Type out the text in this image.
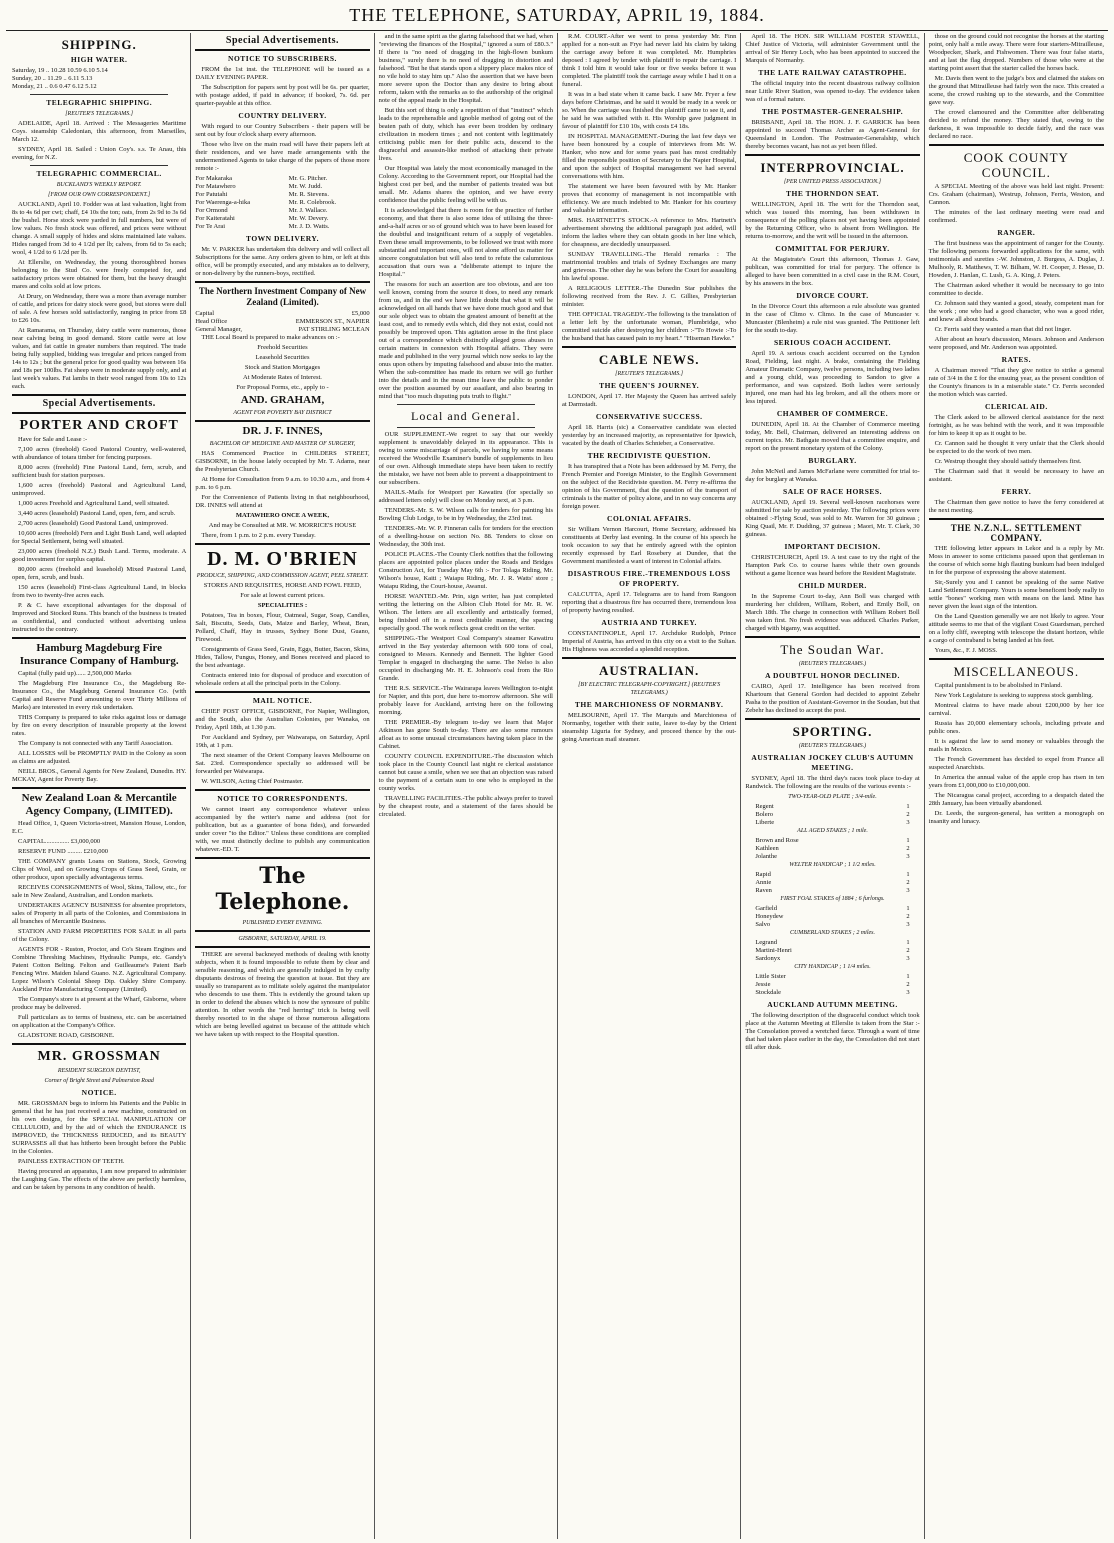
THE TELEPHONE, SATURDAY, APRIL 19, 1884.
SHIPPING.
HIGH WATER.
Saturday, 19 .. 10.28 10.59 6.10 5.14
Sunday, 20 .. 11.29 .. 6.11 5.13
Monday, 21 .. 0.6 0.47 6.12 5.12
TELEGRAPHIC SHIPPING.
[REUTER'S TELEGRAMS.]

ADELAIDE, April 18. Arrived : The Messageries Maritime Coys. steamship Caledonian, this afternoon, from Marseilles, March 12.

SYDNEY, April 18. Sailed : Union Coy's. s.s. Te Anau, this evening, for N.Z.

TELEGRAPHIC COMMERCIAL.
BUCKLAND'S WEEKLY REPORT.
[FROM OUR OWN CORRESPONDENT.]

AUCKLAND, April 10. Fodder was at last valuation, light from 8s to 4s 6d per cwt; chaff, £4 10s the ton; oats, from 2s 9d to 3s 6d the bushel. Horse stock were yarded in full numbers, but were of low values. No fresh stock was offered, and prices were without change. A small supply of hides and skins maintained late values. Hides ranged from 3d to 4 1/2d per lb; calves, from 6d to 5s each; wool, 4 1/2d to 6 1/2d per lb.

At Ellerslie, on Wednesday, the young thoroughbred horses belonging to the Stud Co. were freely competed for, and satisfactory prices were obtained for them, but the heavy draught mares and colts sold at low prices.

At Drury, on Wednesday, there was a more than average number of cattle, and prices for dairy stock were good, but stores were dull of sale. A few horses sold satisfactorily, ranging in price from £8 to £26 10s.

At Ramarama, on Thursday, dairy cattle were numerous, those near calving being in good demand. Store cattle were at low values, and fat cattle in greater numbers than required. The trade being fully supplied, bidding was irregular and prices ranged from 14s to 12s ; but the general price for good quality was between 16s and 18s per 100lbs. Fat sheep were in moderate supply only, and at last week's values. Fat lambs in their wool ranged from 10s to 12s each.

Special Advertisements.
PORTER AND CROFT

Have for Sale and Lease :-

7,100 acres (freehold) Good Pastoral Country, well-watered, with abundance of totara timber for fencing purposes.

8,000 acres (freehold) Fine Pastoral Land, fern, scrub, and sufficient bush for station purposes.

1,600 acres (freehold) Pastoral and Agricultural Land, unimproved.

1,000 acres Freehold and Agricultural Land, well situated.

3,440 acres (leasehold) Pastoral Land, open, fern, and scrub.

2,700 acres (leasehold) Good Pastoral Land, unimproved.

10,600 acres (freehold) Fern and Light Bush Land, well adapted for Special Settlement, being well situated.

23,000 acres (freehold N.Z.) Bush Land. Terms, moderate. A good investment for surplus capital.

80,000 acres (freehold and leasehold) Mixed Pastoral Land, open, fern, scrub, and bush.

150 acres (leasehold) First-class Agricultural Land, in blocks from two to twenty-five acres each.

P. & C. have exceptional advantages for the disposal of Improved and Stocked Runs. This branch of the business is treated as confidential, and conducted without advertising unless instructed to the contrary.

Hamburg Magdeburg Fire Insurance Company of Hamburg.

Capital (fully paid up)...... 2,500,000 Marks

The Magdeburg Fire Insurance Co., the Magdeburg Re-Insurance Co., the Magdeburg General Insurance Co. (with Capital and Reserve Fund amounting to over Thirty Millions of Marks) are interested in every risk undertaken.

THIS Company is prepared to take risks against loss or damage by fire on every description of insurable property at the lowest rates.

The Company is not connected with any Tariff Association.

ALL LOSSES will be PROMPTLY PAID in the Colony as soon as claims are adjusted.

NEILL BROS., General Agents for New Zealand, Dunedin. HY. MCKAY, Agent for Poverty Bay.

New Zealand Loan & Mercantile Agency Company, (LIMITED).

Head Office, 1, Queen Victoria-street, Mansion House, London, E.C.

CAPITAL............... £3,000,000

RESERVE FUND ......... £210,000

THE COMPANY grants Loans on Stations, Stock, Growing Clips of Wool, and on Growing Crops of Grass Seed, Grain, or other produce, upon specially advantageous terms.

RECEIVES CONSIGNMENTS of Wool, Skins, Tallow, etc., for sale in New Zealand, Australian, and London markets.

UNDERTAKES AGENCY BUSINESS for absentee proprietors, sales of Property in all parts of the Colonies, and Commissions in all branches of Mercantile Business.

STATION AND FARM PROPERTIES FOR SALE in all parts of the Colony.

AGENTS FOR - Ruston, Proctor, and Co's Steam Engines and Combine Threshing Machines, Hydraulic Pumps, etc. Gandy's Patent Cotton Belting. Felton and Guilleaume's Patent Barb Fencing Wire. Maiden Island Guano. N.Z. Agricultural Company. Lopez Wilson's Colonial Sheep Dip. Oakley Shire Company. Auckland Prize Manufacturing Company (Limited).

The Company's store is at present at the Wharf, Gisborne, where produce may be delivered.

Full particulars as to terms of business, etc. can be ascertained on application at the Company's Office.

GLADSTONE ROAD, GISBORNE.

MR. GROSSMAN
RESIDENT SURGEON DENTIST,
Corner of Bright Street and Palmerston Road
NOTICE.

MR. GROSSMAN begs to inform his Patients and the Public in general that he has just received a new machine, constructed on his own designs, for the SPECIAL MANIPULATION OF CELLULOID, and by the aid of which the ENDURANCE IS IMPROVED, the THICKNESS REDUCED, and its BEAUTY SURPASSES all that has hitherto been brought before the Public in the Colonies.

PAINLESS EXTRACTION OF TEETH.

Having procured an apparatus, I am now prepared to administer the Laughing Gas. The effects of the above are perfectly harmless, and can be taken by persons in any condition of health.

Special Advertisements.
NOTICE TO SUBSCRIBERS.

FROM the 1st inst. the TELEPHONE will be issued as a DAILY EVENING PAPER.

The Subscription for papers sent by post will be 6s. per quarter, with postage added, if paid in advance; if booked, 7s. 6d. per quarter-payable at this office.

COUNTRY DELIVERY.

With regard to our Country Subscribers - their papers will be sent out by four o'clock sharp every afternoon.

Those who live on the main road will have their papers left at their residences, and we have made arrangements with the undermentioned Agents to take charge of the papers of those more remote :-

For Makaraka	Mr. G. Pitcher.
For Matawhero	Mr. W. Judd.
For Patutahi	Mr. R. Stevens.
For Waerenga-a-hika	Mr. R. Colebrook.
For Ormond	Mr. J. Wallace.
For Kaiteratahi	Mr. W. Devery.
For Te Arai	Mr. J. D. Watts.
TOWN DELIVERY.

Mr. V. PARKER has undertaken this delivery and will collect all Subscriptions for the same. Any orders given to him, or left at this office, will be promptly executed, and any mistakes as to delivery, or non-delivery by the runners-boys, rectified.

The Northern Investment Company of New Zealand (Limited).
Capital	£5,000
Head Office	EMMERSON ST., NAPIER
General Manager,	PAT STIRLING MCLEAN

THE Local Board is prepared to make advances on :-

Freehold Securities
Leasehold Securities
Stock and Station Mortgages
At Moderate Rates of Interest.
For Proposal Forms, etc., apply to -
AND. GRAHAM,
AGENT FOR POVERTY BAY DISTRICT
DR. J. F. INNES,
BACHELOR OF MEDICINE AND MASTER OF SURGERY,

HAS Commenced Practice in CHILDERS STREET, GISBORNE, in the house lately occupied by Mr. T. Adams, near the Presbyterian Church.

At Home for Consultation from 9 a.m. to 10.30 a.m., and from 4 p.m. to 6 p.m.

For the Convenience of Patients living in that neighbourhood, DR. INNES will attend at

MATAWHERO ONCE A WEEK,
And may be Consulted at MR. W. MORRICE'S HOUSE

There, from 1 p.m. to 2 p.m. every Tuesday.

D. M. O'BRIEN
PRODUCE, SHIPPING, AND COMMISSION AGENT, PEEL STREET.
STORES AND REQUISITES, HORSE AND FOWL FEED,
For sale at lowest current prices.
SPECIALITIES :

Potatoes, Tea in boxes, Flour, Oatmeal, Sugar, Soap, Candles, Salt, Biscuits, Seeds, Oats, Maize and Barley, Wheat, Bran, Pollard, Chaff, Hay in trusses, Sydney Bone Dust, Guano, Firewood.

Consignments of Grass Seed, Grain, Eggs, Butter, Bacon, Skins, Hides, Tallow, Fungus, Honey, and Bones received and placed to the best advantage.

Contracts entered into for disposal of produce and execution of wholesale orders at all the principal ports in the Colony.

MAIL NOTICE.

CHIEF POST OFFICE, GISBORNE, For Napier, Wellington, and the South, also the Australian Colonies, per Wanaka, on Friday, April 18th, at 1.30 p.m.

For Auckland and Sydney, per Waiwarapa, on Saturday, April 19th, at 1 p.m.

The next steamer of the Orient Company leaves Melbourne on Sat. 23rd. Correspondence specially so addressed will be forwarded per Waiwarapa.

W. WILSON, Acting Chief Postmaster.

NOTICE TO CORRESPONDENTS.

We cannot insert any correspondence whatever unless accompanied by the writer's name and address (not for publication, but as a guarantee of bona fides), and forwarded under cover "to the Editor." Unless these conditions are complied with, we must distinctly decline to publish any communication whatever.-ED. T.

The Telephone.
PUBLISHED EVERY EVENING.
GISBORNE, SATURDAY, APRIL 19.

THERE are several backneyed methods of dealing with knotty subjects, when it is found impossible to refute them by clear and sensible reasoning, and which are generally indulged in by crafty disputants desirous of freeing the question at issue. But they are usually so transparent as to militate solely against the manipulator who descends to use them. This is evidently the ground taken up in order to defend the abuses which is now the synosure of public attention. In other words the "red herring" trick is being well thereby resorted to in the shape of those numerous allegations which are being levelled against us because of the attitude which we have taken up with respect to the Hospital question.

and in the same spirit as the glaring falsehood that we had, when "reviewing the finances of the Hospital," ignored a sum of £80.3." If there is "no need of dragging in the high-flown bunkum business," surely there is no need of dragging in distortion and falsehood. "But he that stands upon a slippery place makes nice of no vile hold to stay him up." Also the assertion that we have been more severe upon the Doctor than any desire to bring about reform, taken with the remarks as to the authorship of the original note of the appeal made in the Hospital.

But this sort of thing is only a repetition of that "instinct" which leads to the reprehensible and ignoble method of going out of the beaten path of duty, which has ever been trodden by ordinary civilization in modern times ; and not content with legitimately criticising public men for their public acts, descend to the disgraceful and assassin-like method of attacking their private lives.

Our Hospital was lately the most economically managed in the Colony. According to the Government report, our Hospital had the highest cost per bed, and the number of patients treated was but small. Mr. Adams shares the opinion, and we have every confidence that the public feeling will be with us.

It is acknowledged that there is room for the practice of further economy, and that there is also some idea of utilising the three-and-a-half acres or so of ground which was to have been leased for the doubtful and insignificant return of a supply of vegetables. Even these small improvements, to be followed we trust with more substantial and important ones, will not alone afford us matter for sincere congratulation but will also tend to refute the calumnious accusation that ours was a "deliberate attempt to injure the Hospital."

The reasons for such an assertion are too obvious, and are too well known, coming from the source it does, to need any remark from us, and in the end we have little doubt that what it will be acknowledged on all hands that we have done much good and that our sole object was to obtain the greatest amount of benefit at the least cost, and to remedy evils which, did they not exist, could not possibly be improved upon. This agitation arose in the first place out of a correspondence which distinctly alleged gross abuses in certain matters in connexion with Hospital affairs. They were made and published in the very journal which now seeks to lay the onus upon others by imputing falsehood and abuse into the matter. When the sub-committee has made its return we will go further into the details and in the mean time leave the public to ponder over the position assumed by our assailant, and also bearing in mind that "too much disputing puts truth to flight."

Local and General.

OUR SUPPLEMENT.-We regret to say that our weekly supplement is unavoidably delayed in its appearance. This is owing to some miscarriage of parcels, we having by some means received the Woodville Examiner's bundle of supplements in lieu of our own. Although immediate steps have been taken to rectify the mistake, we have not been able to prevent a disappointment to our subscribers.

MAILS.-Mails for Westport per Kawatiru (for specially so addressed letters only) will close on Monday next, at 3 p.m.

TENDERS.-Mr. S. W. Wilson calls for tenders for painting his Bowling Club Lodge, to be in by Wednesday, the 23rd inst.

TENDERS.-Mr. W. P. Finneran calls for tenders for the erection of a dwelling-house on section No. 88. Tenders to close on Wednesday, the 30th inst.

POLICE PLACES.-The County Clerk notifies that the following places are appointed police places under the Roads and Bridges Construction Act, for Tuesday May 6th :- For Tolaga Riding, Mr. Wilson's house, Kaiti ; Waiapu Riding, Mr. J. R. Watts' store ; Waiapu Riding, the Court-house, Awanui.

HORSE WANTED.-Mr. Prin, sign writer, has just completed writing the lettering on the Albion Club Hotel for Mr. R. W. Wilson. The letters are all excellently and artistically formed, being finished off in a most creditable manner, the spacing especially good. The work reflects great credit on the writer.

SHIPPING.-The Westport Coal Company's steamer Kawatiru arrived in the Bay yesterday afternoon with 600 tons of coal, consigned to Messrs. Kennedy and Bennett. The lighter Good Templar is engaged in discharging the same. The Nelso is also occupied in discharging Mr. H. E. Johnson's coal from the Rio Grande.

THE R.S. SERVICE.-The Wairarapa leaves Wellington to-night for Napier, and this port, due here to-morrow afternoon. She will probably leave for Auckland, arriving here on the following morning.

THE PREMIER.-By telegram to-day we learn that Major Atkinson has gone South to-day. There are also some rumours afloat as to some unusual circumstances having taken place in the Cabinet.

COUNTY COUNCIL EXPENDITURE.-The discussion which took place in the County Council last night re clerical assistance cannot but cause a smile, when we see that an objection was raised to the payment of a certain sum to one who is employed in the county works.

TRAVELLING FACILITIES.-The public always prefer to travel by the cheapest route, and a statement of the fares should be circulated.

R.M. COURT.-After we went to press yesterday Mr. Finn applied for a non-suit as Frye had never laid his claim by taking the carriage away before it was completed. Mr. Humphries deposed : I agreed by tender with plaintiff to repair the carriage. I think I told him it would take four or five weeks before it was completed. The plaintiff took the carriage away while I had it on a funeral.

It was in a bad state when it came back. I saw Mr. Fryer a few days before Christmas, and he said it would be ready in a week or so. When the carriage was finished the plaintiff came to see it, and he said he was satisfied with it. His Worship gave judgment in favour of plaintiff for £10 10s, with costs £4 18s.

IN HOSPITAL MANAGEMENT.-During the last few days we have been honoured by a couple of interviews from Mr. W. Hanker, who now and for some years past has most creditably filled the responsible position of Secretary to the Napier Hospital, and upon the subject of Hospital management we had several conversations with him.

The statement we have been favoured with by Mr. Hanker proves that economy of management is not incompatible with efficiency. We are much indebted to Mr. Hanker for his courtesy and valuable information.

MRS. HARTNETT'S STOCK.-A reference to Mrs. Hartnett's advertisement showing the additional paragraph just added, will inform the ladies where they can obtain goods in her line which, for cheapness, are decidedly unsurpassed.

SUNDAY TRAVELLING.-The Herald remarks : The matrimonial troubles and trials of Sydney Exchanges are many and grievous. The other day he was before the Court for assaulting his lawful spouse.

A RELIGIOUS LETTER.-The Dunedin Star publishes the following received from the Rev. J. C. Gillies, Presbyterian minister.

THE OFFICIAL TRAGEDY.-The following is the translation of a letter left by the unfortunate woman, Plumbridge, who committed suicide after destroying her children :-"To Howie :-To the husband that has caused pain to my heart." "Hiseman Hawke."

CABLE NEWS.
[REUTER'S TELEGRAMS.]
THE QUEEN'S JOURNEY.

LONDON, April 17. Her Majesty the Queen has arrived safely at Darmstadt.

CONSERVATIVE SUCCESS.

April 18. Harris (sic) a Conservative candidate was elected yesterday by an increased majority, as representative for Ipswich, vacated by the death of Charles Schnieber, a Conservative.

THE RECIDIVISTE QUESTION.

It has transpired that a Note has been addressed by M. Ferry, the French Premier and Foreign Minister, to the English Government on the subject of the Recidiviste question. M. Ferry re-affirms the opinion of his Government, that the question of the transport of criminals is the matter of policy alone, and in no way concerns any foreign power.

COLONIAL AFFAIRS.

Sir William Vernon Harcourt, Home Secretary, addressed his constituents at Derby last evening. In the course of his speech he took occasion to say that he entirely agreed with the opinion recently expressed by Earl Rosebery at Dundee, that the Government manifested a want of interest in Colonial affairs.

DISASTROUS FIRE.-TREMENDOUS LOSS OF PROPERTY.

CALCUTTA, April 17. Telegrams are to hand from Rangoon reporting that a disastrous fire has occurred there, tremendous loss of property having resulted.

AUSTRIA AND TURKEY.

CONSTANTINOPLE, April 17. Archduke Rudolph, Prince Imperial of Austria, has arrived in this city on a visit to the Sultan. His Highness was accorded a splendid reception.

AUSTRALIAN.
[BY ELECTRIC TELEGRAPH-COPYRIGHT.] (REUTER'S TELEGRAMS.)
THE MARCHIONESS OF NORMANBY.

MELBOURNE, April 17. The Marquis and Marchioness of Normanby, together with their suite, leave to-day by the Orient steamship Liguria for Sydney, and proceed thence by the out-going American mail steamer.

April 18. The HON. SIR WILLIAM FOSTER STAWELL, Chief Justice of Victoria, will administer Government until the arrival of Sir Henry Loch, who has been appointed to succeed the Marquis of Normanby.

THE LATE RAILWAY CATASTROPHE.

The official inquiry into the recent disastrous railway collision near Little River Station, was opened to-day. The evidence taken was of a formal nature.

THE POSTMASTER-GENERALSHIP.

BRISBANE, April 18. The HON. J. F. GARRICK has been appointed to succeed Thomas Archer as Agent-General for Queensland in London. The Postmaster-Generalship, which thereby becomes vacant, has not as yet been filled.

INTERPROVINCIAL.
[PER UNITED PRESS ASSOCIATION.]
THE THORNDON SEAT.

WELLINGTON, April 18. The writ for the Thorndon seat, which was issued this morning, has been withdrawn in consequence of the polling places not yet having been appointed by the Returning Officer, who is absent from Wellington. He returns to-morrow, and the writ will be issued in the afternoon.

COMMITTAL FOR PERJURY.

At the Magistrate's Court this afternoon, Thomas J. Gaw, publican, was committed for trial for perjury. The offence is alleged to have been committed in a civil case in the R.M. Court, by his answers in the box.

DIVORCE COURT.

In the Divorce Court this afternoon a rule absolute was granted in the case of Climo v. Climo. In the case of Muncaster v. Muncaster (Blenheim) a rule nisi was granted. The Petitioner left for the south to-day.

SERIOUS COACH ACCIDENT.

April 19. A serious coach accident occurred on the Lyndon Road, Fielding, last night. A brake, containing the Fielding Amateur Dramatic Company, twelve persons, including two ladies and a young child, was proceeding to Sandon to give a performance, and was capsized. Both ladies were seriously injured, one man had his leg broken, and all the others more or less injured.

CHAMBER OF COMMERCE.

DUNEDIN, April 18. At the Chamber of Commerce meeting today, Mr. Bell, Chairman, delivered an interesting address on current topics. Mr. Bathgate moved that a committee enquire, and report on the present monetary system of the Colony.

BURGLARY.

John McNeil and James McFarlane were committed for trial to-day for burglary at Wanaka.

SALE OF RACE HORSES.

AUCKLAND, April 19. Several well-known racehorses were submitted for sale by auction yesterday. The following prices were obtained :-Flying Scud, was sold to Mr. Warren for 30 guineas ; King Quail, Mr. F. Dudding, 37 guineas ; Maori, Mr. T. Clark, 30 guineas.

IMPORTANT DECISION.

CHRISTCHURCH, April 19. A test case to try the right of the Hampton Park Co. to course hares while their own grounds without a game licence was heard before the Resident Magistrate.

CHILD MURDER.

In the Supreme Court to-day, Ann Boll was charged with murdering her children, William, Robert, and Emily Boll, on March 18th. The charge in connection with William Robert Boll was taken first. No fresh evidence was adduced. Charles Parker, charged with bigamy, was acquitted.

The Soudan War.
(REUTER'S TELEGRAMS.)
A DOUBTFUL HONOR DECLINED.

CAIRO, April 17. Intelligence has been received from Khartoum that General Gordon had decided to appoint Zebehr Pasha to the position of Assistant-Governor in the Soudan, but that Zebehr has declined to accept the post.

SPORTING.
(REUTER'S TELEGRAMS.)
AUSTRALIAN JOCKEY CLUB'S AUTUMN MEETING.

SYDNEY, April 18. The third day's races took place to-day at Randwick. The following are the results of the various events :-

TWO-YEAR-OLD PLATE ; 3/4-mile.
Regent	1
Bolero	2
Liberte	3
ALL AGED STAKES ; 1 mile.
Brown and Rose	1
Kathleen	2
Jolanthe	3
WELTER HANDICAP ; 1 1/2 miles.
Rapid	1
Annie	2
Raven	3
FIRST FOAL STAKES of 1884 ; 6 furlongs.
Garfield	1
Honeydew	2
Salvo	3
CUMBERLAND STAKES ; 2 miles.
Legrand	1
Martini-Henri	2
Sardonyx	3
CITY HANDICAP ; 1 1/4 miles.
Little Sister	1
Jessie	2
Stockdale	3
AUCKLAND AUTUMN MEETING.

The following description of the disgraceful conduct which took place at the Autumn Meeting at Ellerslie is taken from the Star :- The Consolation proved a wretched farce. Through a want of time that had taken place earlier in the day, the Consolation did not start till after dusk.

those on the ground could not recognise the horses at the starting point, only half a mile away. There were four starters-Mitrailleuse, Woodpecker, Shark, and Fishwomen. There was four false starts, and at last the flag dropped. Numbers of those who were at the starting point assert that the starter called the horses back.

Mr. Davis then went to the judge's box and claimed the stakes on the ground that Mitrailleuse had fairly won the race. This created a scene, the crowd rushing up to the stewards, and the Committee gave way.

The crowd clamoured and the Committee after deliberating decided to refund the money. They stated that, owing to the darkness, it was impossible to decide fairly, and the race was declared no race.

COOK COUNTY COUNCIL.

A SPECIAL Meeting of the above was held last night. Present: Crs. Graham (chairman), Westrup, Johnson, Ferris, Weston, and Cannon.

The minutes of the last ordinary meeting were read and confirmed.

RANGER.

The first business was the appointment of ranger for the County. The following persons forwarded applications for the same, with testimonials and sureties :-W. Johnston, J. Burgess, A. Duglas, J. Mulhooly, R. Matthews, T. W. Bilham, W. H. Cooper, J. Hesse, D. Howden, J. Hanlan, C. Lush, G. A. King, J. Peters.

The Chairman asked whether it would be necessary to go into committee to decide.

Cr. Johnson said they wanted a good, steady, competent man for the work ; one who had a good character, who was a good rider, and knew all about brands.

Cr. Ferris said they wanted a man that did not linger.

After about an hour's discussion, Messrs. Johnson and Anderson were proposed, and Mr. Anderson was appointed.

RATES.

A Chairman moved "That they give notice to strike a general rate of 3/4 in the £ for the ensuing year, as the present condition of the County's finances is in a miserable state." Cr. Ferris seconded the motion which was carried.

CLERICAL AID.

The Clerk asked to be allowed clerical assistance for the next fortnight, as he was behind with the work, and it was impossible for him to keep it up as it ought to be.

Cr. Cannon said he thought it very unfair that the Clerk should be expected to do the work of two men.

Cr. Westrup thought they should satisfy themselves first.

The Chairman said that it would be necessary to have an assistant.

FERRY.

The Chairman then gave notice to have the ferry considered at the next meeting.

THE N.Z.N.L. SETTLEMENT COMPANY.

THE following letter appears in Lekor and is a reply by Mr. Moss in answer to some criticisms passed upon that gentleman in the course of which some high flauting bunkum had been indulged in for the purpose of expressing the above statement.

Sir,-Surely you and I cannot be speaking of the same Native Land Settlement Company. Yours is some beneficent body really to settle "bones" working men with means on the land. Mine has never given the least sign of the intention.

On the Land Question generally we are not likely to agree. Your attitude seems to me that of the vigilant Coast Guardsman, perched on a lofty cliff, sweeping with telescope the distant horizon, while a cargo of contraband is being landed at his feet.

Yours, &c., F. J. MOSS.

MISCELLANEOUS.

Capital punishment is to be abolished in Finland.

New York Legislature is seeking to suppress stock gambling.

Montreal claims to have made about £200,000 by her ice carnival.

Russia has 20,000 elementary schools, including private and public ones.

It is against the law to send money or valuables through the mails in Mexico.

The French Government has decided to expel from France all suspected Anarchists.

In America the annual value of the apple crop has risen in ten years from £1,000,000 to £10,000,000.

The Nicaragua canal project, according to a despatch dated the 28th January, has been virtually abandoned.

Dr. Leeds, the surgeon-general, has written a monograph on insanity and lunacy.
